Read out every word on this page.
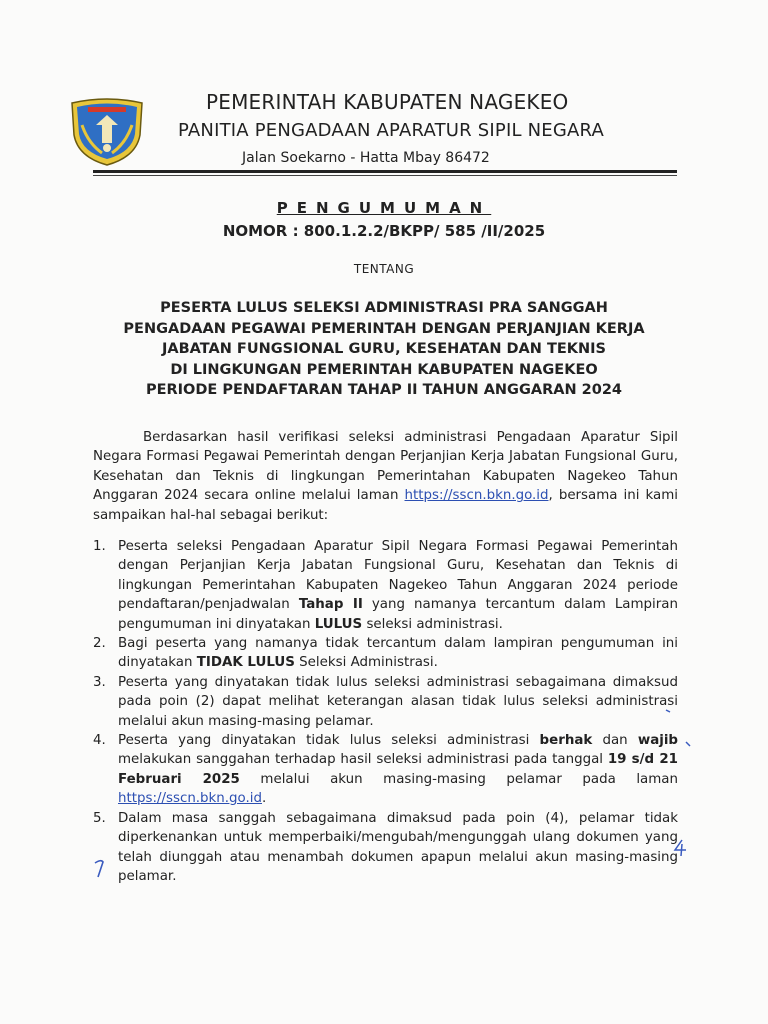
PEMERINTAH KABUPATEN NAGEKEO
PANITIA PENGADAAN APARATUR SIPIL NEGARA
Jalan Soekarno - Hatta Mbay 86472
PENGUMUMAN
NOMOR : 800.1.2.2/BKPP/ 585 /II/2025
TENTANG
PESERTA LULUS SELEKSI ADMINISTRASI PRA SANGGAH
PENGADAAN PEGAWAI PEMERINTAH DENGAN PERJANJIAN KERJA
JABATAN FUNGSIONAL GURU, KESEHATAN DAN TEKNIS
DI LINGKUNGAN PEMERINTAH KABUPATEN NAGEKEO
PERIODE PENDAFTARAN TAHAP II TAHUN ANGGARAN 2024
Berdasarkan hasil verifikasi seleksi administrasi Pengadaan Aparatur Sipil Negara Formasi Pegawai Pemerintah dengan Perjanjian Kerja Jabatan Fungsional Guru, Kesehatan dan Teknis di lingkungan Pemerintahan Kabupaten Nagekeo Tahun Anggaran 2024 secara online melalui laman https://sscn.bkn.go.id, bersama ini kami sampaikan hal-hal sebagai berikut:
1. Peserta seleksi Pengadaan Aparatur Sipil Negara Formasi Pegawai Pemerintah dengan Perjanjian Kerja Jabatan Fungsional Guru, Kesehatan dan Teknis di lingkungan Pemerintahan Kabupaten Nagekeo Tahun Anggaran 2024 periode pendaftaran/penjadwalan Tahap II yang namanya tercantum dalam Lampiran pengumuman ini dinyatakan LULUS seleksi administrasi.
2. Bagi peserta yang namanya tidak tercantum dalam lampiran pengumuman ini dinyatakan TIDAK LULUS Seleksi Administrasi.
3. Peserta yang dinyatakan tidak lulus seleksi administrasi sebagaimana dimaksud pada poin (2) dapat melihat keterangan alasan tidak lulus seleksi administrasi melalui akun masing-masing pelamar.
4. Peserta yang dinyatakan tidak lulus seleksi administrasi berhak dan wajib melakukan sanggahan terhadap hasil seleksi administrasi pada tanggal 19 s/d 21 Februari 2025 melalui akun masing-masing pelamar pada laman https://sscn.bkn.go.id.
5. Dalam masa sanggah sebagaimana dimaksud pada poin (4), pelamar tidak diperkenankan untuk memperbaiki/mengubah/mengunggah ulang dokumen yang telah diunggah atau menambah dokumen apapun melalui akun masing-masing pelamar.
